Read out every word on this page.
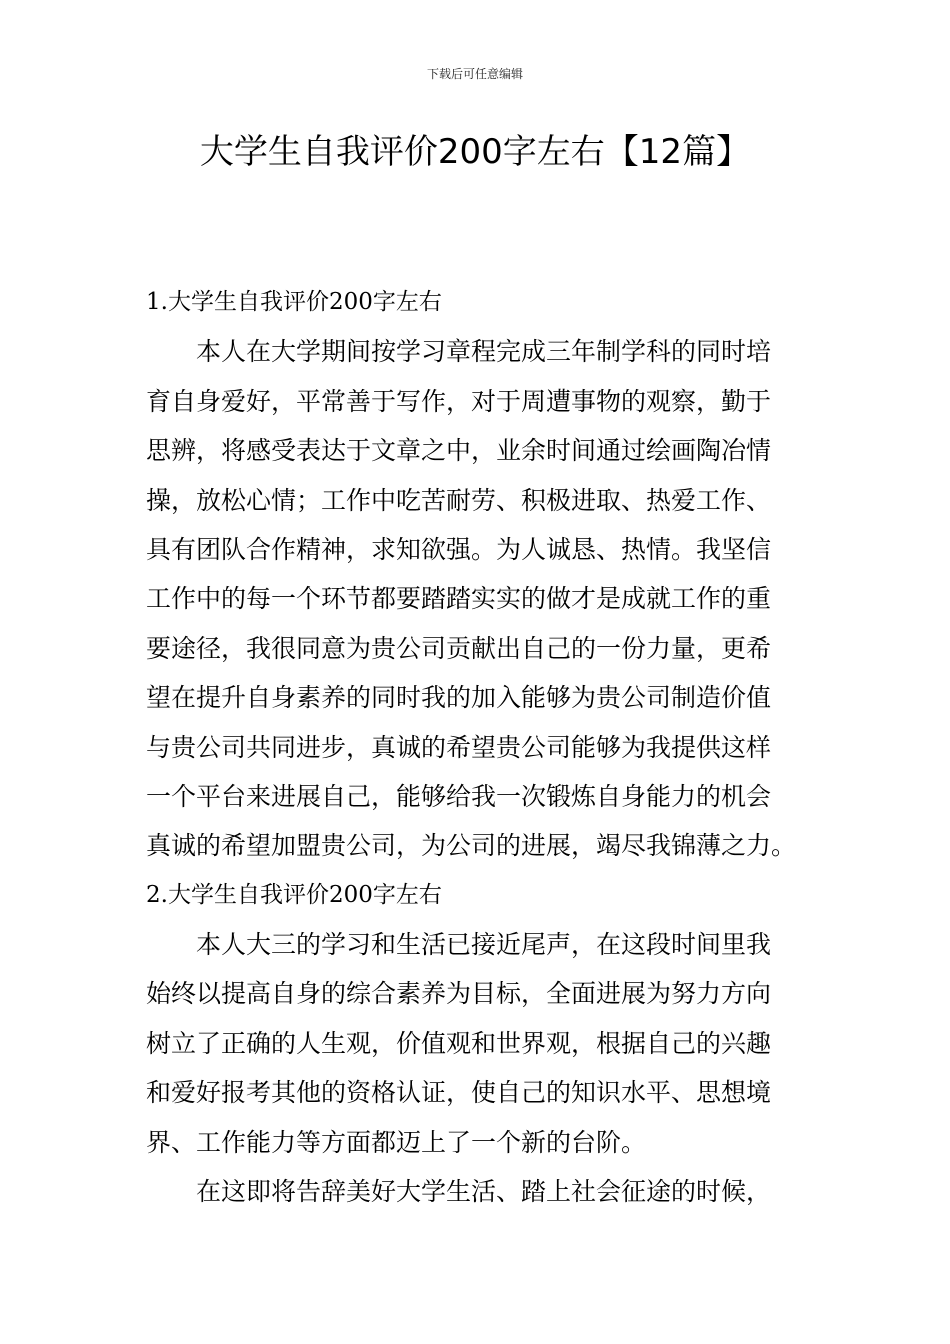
下载后可任意编辑
大学生自我评价200字左右【12篇】
1.大学生自我评价200字左右
　　本人在大学期间按学习章程完成三年制学科的同时培
育自身爱好，平常善于写作，对于周遭事物的观察，勤于
思辨，将感受表达于文章之中，业余时间通过绘画陶冶情
操，放松心情；工作中吃苦耐劳、积极进取、热爱工作、
具有团队合作精神，求知欲强。为人诚恳、热情。我坚信
工作中的每一个环节都要踏踏实实的做才是成就工作的重
要途径，我很同意为贵公司贡献出自己的一份力量，更希
望在提升自身素养的同时我的加入能够为贵公司制造价值
与贵公司共同进步，真诚的希望贵公司能够为我提供这样
一个平台来进展自己，能够给我一次锻炼自身能力的机会
真诚的希望加盟贵公司，为公司的进展，竭尽我锦薄之力。
2.大学生自我评价200字左右
　　本人大三的学习和生活已接近尾声，在这段时间里我
始终以提高自身的综合素养为目标，全面进展为努力方向
树立了正确的人生观，价值观和世界观，根据自己的兴趣
和爱好报考其他的资格认证，使自己的知识水平、思想境
界、工作能力等方面都迈上了一个新的台阶。
　　在这即将告辞美好大学生活、踏上社会征途的时候，
